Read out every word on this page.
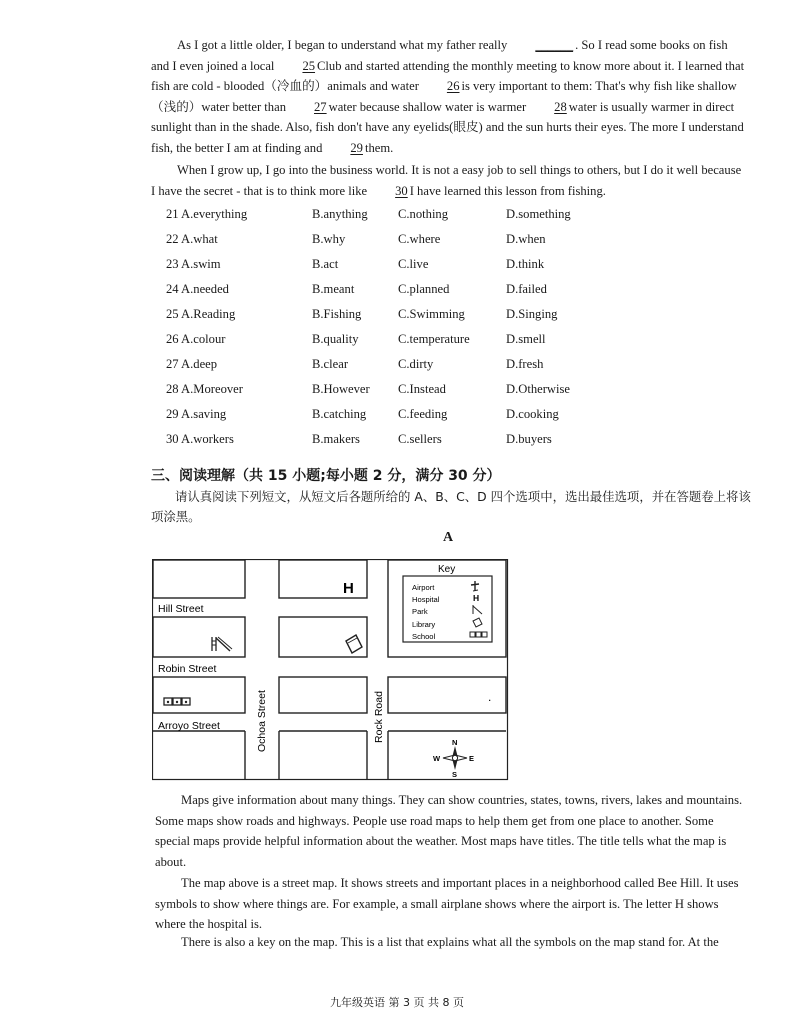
As I got a little older, I began to understand what my father really ______ . So I read some books on fish and I even joined a local 25 Club and started attending the monthly meeting to know more about it. I learned that fish are cold - blooded（冷血的）animals and water 26 is very important to them: That's why fish like shallow（浅的）water better than 27 water because shallow water is warmer 28 water is usually warmer in direct sunlight than in the shade. Also, fish don't have any eyelids(眼皮) and the sun hurts their eyes. The more I understand fish, the better I am at finding and 29 them.

When I grow up, I go into the business world. It is not a easy job to sell things to others, but I do it well because I have the secret - that is to think more like 30 I have learned this lesson from fishing.

21 A.everything	B.anything	C.nothing	D.something
22 A.what	B.why	C.where	D.when
23 A.swim	B.act	C.live	D.think
24 A.needed	B.meant	C.planned	D.failed
25 A.Reading	B.Fishing	C.Swimming	D.Singing
26 A.colour	B.quality	C.temperature	D.smell
27 A.deep	B.clear	C.dirty	D.fresh
28 A.Moreover	B.However	C.Instead	D.Otherwise
29 A.saving	B.catching	C.feeding	D.cooking
30 A.workers	B.makers	C.sellers	D.buyers
三、阅读理解（共 15 小题;每小题 2 分，满分 30 分）

请认真阅读下列短文，从短文后各题所给的 A、B、C、D 四个选项中，选出最佳选项，并在答题卷上将该项涂黑。

A
Hill Street
Robin Street
Arroyo Street	Ochoa Street	Rock Road
H
.
Key
Airport
Hospital
Park
Library
School
H
N
S
E
W

Maps give information about many things. They can show countries, states, towns, rivers, lakes and mountains. Some maps show roads and highways. People use road maps to help them get from one place to another. Some special maps provide helpful information about the weather. Most maps have titles. The title tells what the map is about.

The map above is a street map. It shows streets and important places in a neighborhood called Bee Hill. It uses symbols to show where things are. For example, a small airplane shows where the airport is. The letter H shows where the hospital is.

There is also a key on the map. This is a list that explains what all the symbols on the map stand for. At the

九年级英语 第 3 页 共 8 页
